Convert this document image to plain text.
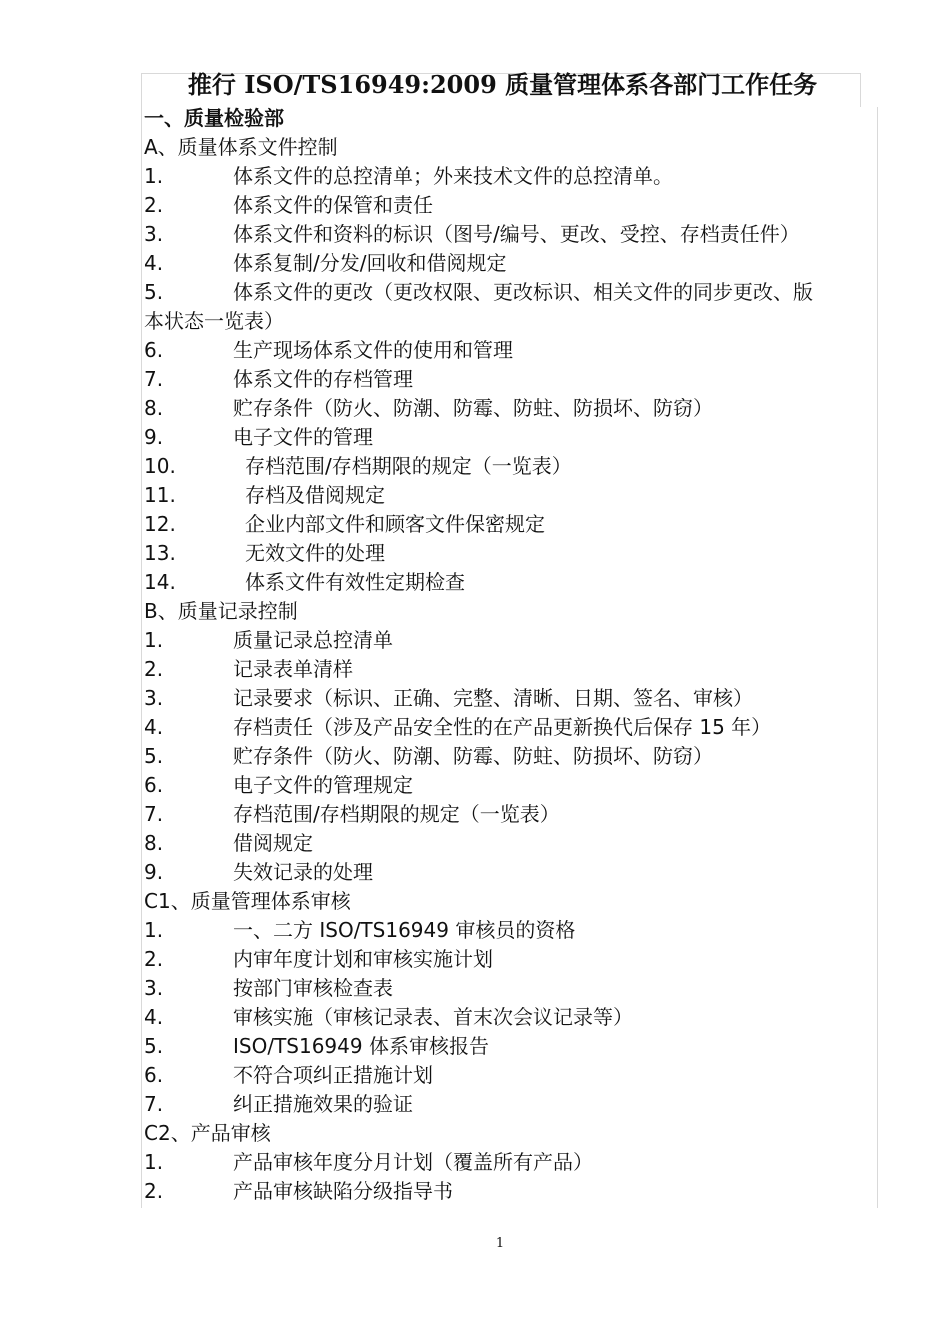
推行 ISO/TS16949:2009 质量管理体系各部门工作任务
一、质量检验部
A、质量体系文件控制
1.	体系文件的总控清单；外来技术文件的总控清单。
2.	体系文件的保管和责任
3.	体系文件和资料的标识（图号/编号、更改、受控、存档责任件）
4.	体系复制/分发/回收和借阅规定
5.	体系文件的更改（更改权限、更改标识、相关文件的同步更改、版
本状态一览表）
6.	生产现场体系文件的使用和管理
7.	体系文件的存档管理
8.	贮存条件（防火、防潮、防霉、防蛀、防损坏、防窃）
9.	电子文件的管理
10.	存档范围/存档期限的规定（一览表）
11.	存档及借阅规定
12.	企业内部文件和顾客文件保密规定
13.	无效文件的处理
14.	体系文件有效性定期检查
B、质量记录控制
1.	质量记录总控清单
2.	记录表单清样
3.	记录要求（标识、正确、完整、清晰、日期、签名、审核）
4.	存档责任（涉及产品安全性的在产品更新换代后保存 15 年）
5.	贮存条件（防火、防潮、防霉、防蛀、防损坏、防窃）
6.	电子文件的管理规定
7.	存档范围/存档期限的规定（一览表）
8.	借阅规定
9.	失效记录的处理
C1、质量管理体系审核
1.	一、二方 ISO/TS16949 审核员的资格
2.	内审年度计划和审核实施计划
3.	按部门审核检查表
4.	审核实施（审核记录表、首末次会议记录等）
5.	ISO/TS16949 体系审核报告
6.	不符合项纠正措施计划
7.	纠正措施效果的验证
C2、产品审核
1.	产品审核年度分月计划（覆盖所有产品）
2.	产品审核缺陷分级指导书
1
